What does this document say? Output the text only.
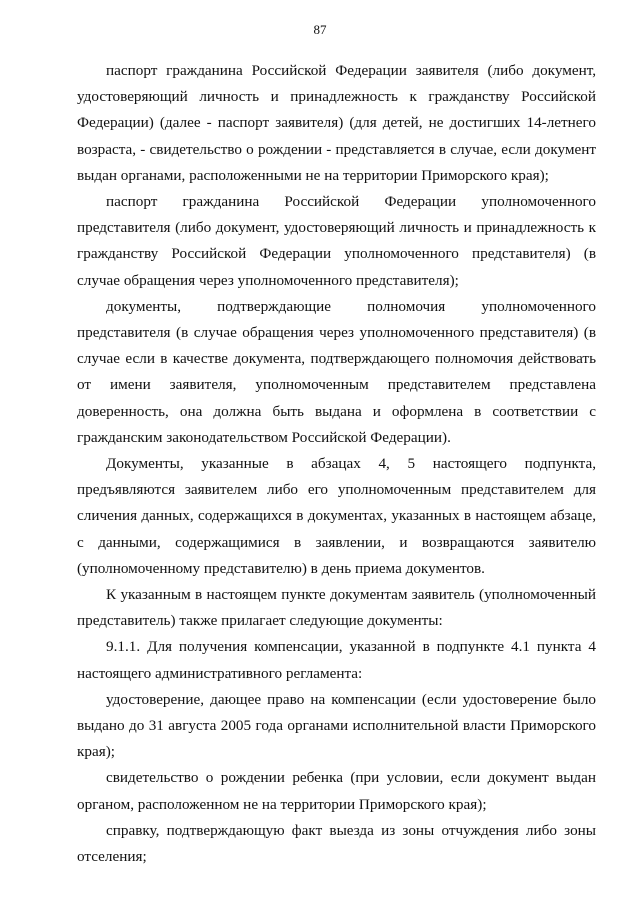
87

паспорт гражданина Российской Федерации заявителя (либо документ, удостоверяющий личность и принадлежность к гражданству Российской Федерации) (далее - паспорт заявителя) (для детей, не достигших 14-летнего возраста, - свидетельство о рождении - представляется в случае, если документ выдан органами, расположенными не на территории Приморского края);

паспорт гражданина Российской Федерации уполномоченного представителя (либо документ, удостоверяющий личность и принадлежность к гражданству Российской Федерации уполномоченного представителя) (в случае обращения через уполномоченного представителя);

документы, подтверждающие полномочия уполномоченного представителя (в случае обращения через уполномоченного представителя) (в случае если в качестве документа, подтверждающего полномочия действовать от имени заявителя, уполномоченным представителем представлена доверенность, она должна быть выдана и оформлена в соответствии с гражданским законодательством Российской Федерации).

Документы, указанные в абзацах 4, 5 настоящего подпункта, предъявляются заявителем либо его уполномоченным представителем для сличения данных, содержащихся в документах, указанных в настоящем абзаце, с данными, содержащимися в заявлении, и возвращаются заявителю (уполномоченному представителю) в день приема документов.

К указанным в настоящем пункте документам заявитель (уполномоченный представитель) также прилагает следующие документы:

9.1.1. Для получения компенсации, указанной в подпункте 4.1 пункта 4 настоящего административного регламента:

удостоверение, дающее право на компенсации (если удостоверение было выдано до 31 августа 2005 года органами исполнительной власти Приморского края);

свидетельство о рождении ребенка (при условии, если документ выдан органом, расположенном не на территории Приморского края);

справку, подтверждающую факт выезда из зоны отчуждения либо зоны отселения;
